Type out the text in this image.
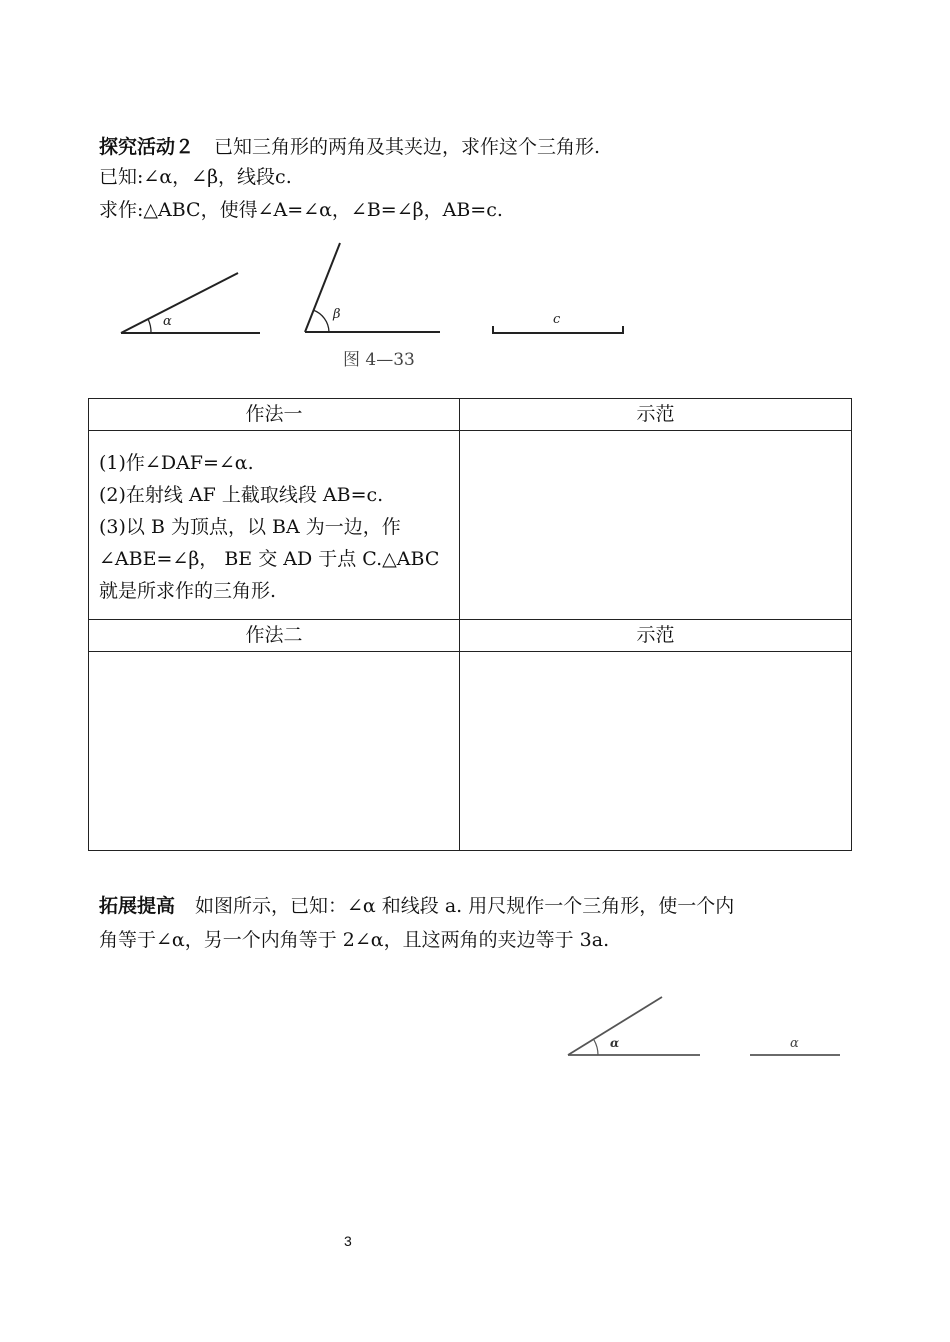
探究活动２ 已知三角形的两角及其夹边，求作这个三角形.
已知:∠α，∠β，线段c.
求作:△ABC，使得∠A=∠α，∠B=∠β，AB=c.
α	β	c
α	α
图 4—33
作法一	示范

(1)作∠DAF=∠α.
(2)在射线 AF 上截取线段 AB=c.
(3)以 B 为顶点，以 BA 为一边，作
∠ABE=∠β， BE 交 AD 于点 C.△ABC
就是所求作的三角形.	

作法二	示范

拓展提高 如图所示，已知：∠α 和线段 a. 用尺规作一个三角形，使一个内
角等于∠α，另一个内角等于 2∠α，且这两角的夹边等于 3a.
3
